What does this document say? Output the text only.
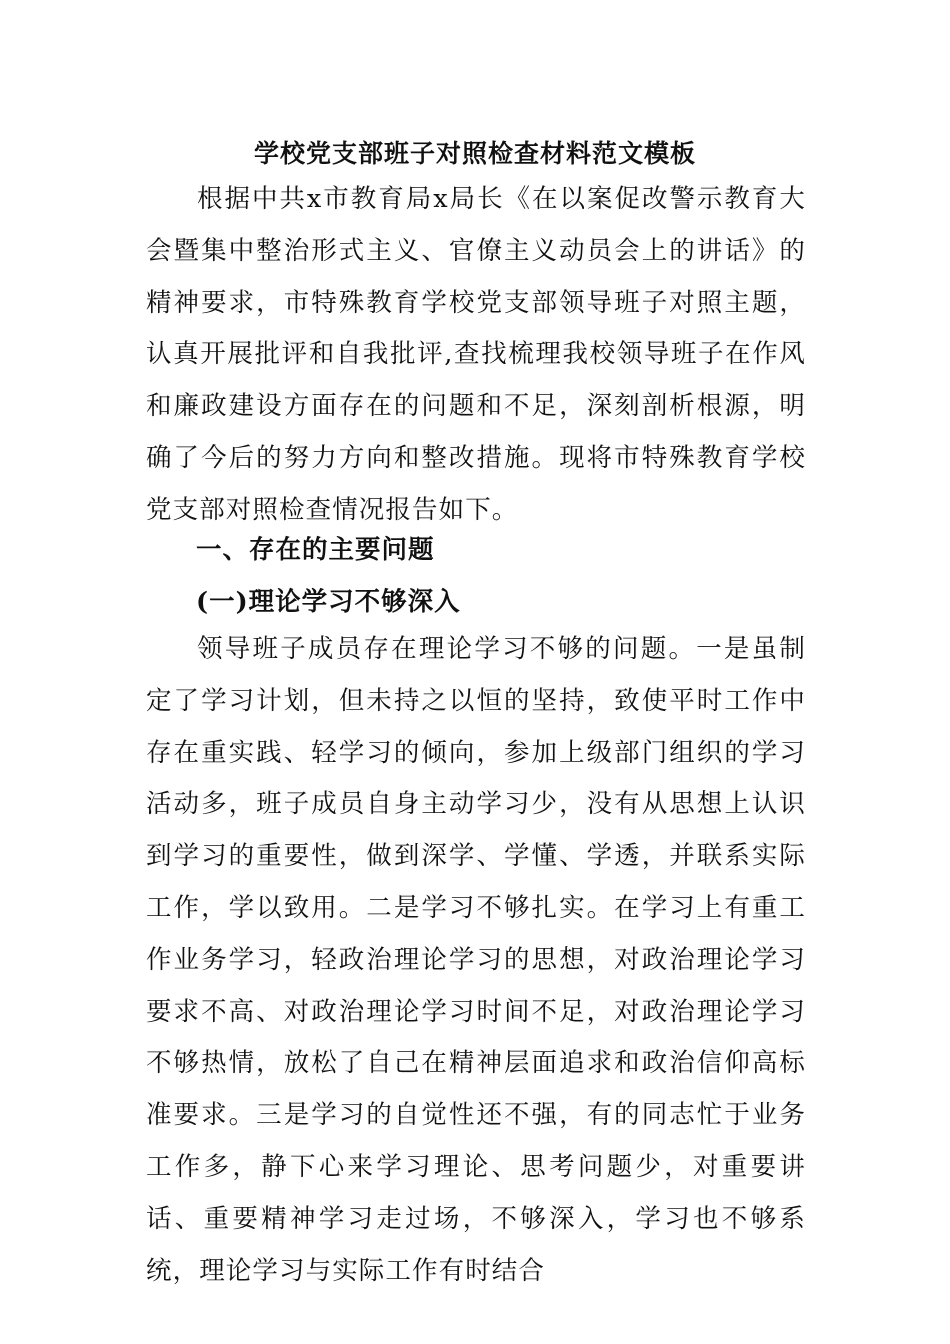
学校党支部班子对照检查材料范文模板

根据中共x市教育局x局长《在以案促改警示教育大会暨集中整治形式主义、官僚主义动员会上的讲话》的精神要求，市特殊教育学校党支部领导班子对照主题，认真开展批评和自我批评,查找梳理我校领导班子在作风和廉政建设方面存在的问题和不足，深刻剖析根源，明确了今后的努力方向和整改措施。现将市特殊教育学校党支部对照检查情况报告如下。

一、存在的主要问题
(一)理论学习不够深入

领导班子成员存在理论学习不够的问题。一是虽制定了学习计划，但未持之以恒的坚持，致使平时工作中存在重实践、轻学习的倾向，参加上级部门组织的学习活动多，班子成员自身主动学习少，没有从思想上认识到学习的重要性，做到深学、学懂、学透，并联系实际工作，学以致用。二是学习不够扎实。在学习上有重工作业务学习，轻政治理论学习的思想，对政治理论学习要求不高、对政治理论学习时间不足，对政治理论学习不够热情，放松了自己在精神层面追求和政治信仰高标准要求。三是学习的自觉性还不强，有的同志忙于业务工作多，静下心来学习理论、思考问题少，对重要讲话、重要精神学习走过场，不够深入，学习也不够系统，理论学习与实际工作有时结合
